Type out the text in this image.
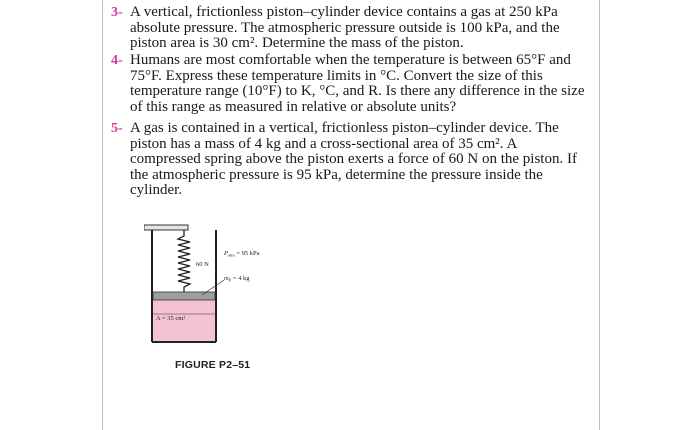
3- A vertical, frictionless piston–cylinder device contains a gas at 250 kPa
absolute pressure. The atmospheric pressure outside is 100 kPa, and the
piston area is 30 cm². Determine the mass of the piston.
4- Humans are most comfortable when the temperature is between 65°F and
75°F. Express these temperature limits in °C. Convert the size of this
temperature range (10°F) to K, °C, and R. Is there any difference in the size
of this range as measured in relative or absolute units?
5- A gas is contained in a vertical, frictionless piston–cylinder device. The
piston has a mass of 4 kg and a cross-sectional area of 35 cm². A
compressed spring above the piston exerts a force of 60 N on the piston. If
the atmospheric pressure is 95 kPa, determine the pressure inside the
cylinder.
60 N
$P_{atm} = 95$ kPa
$m_P = 4$ kg
A = 35 cm²
FIGURE P2–51
